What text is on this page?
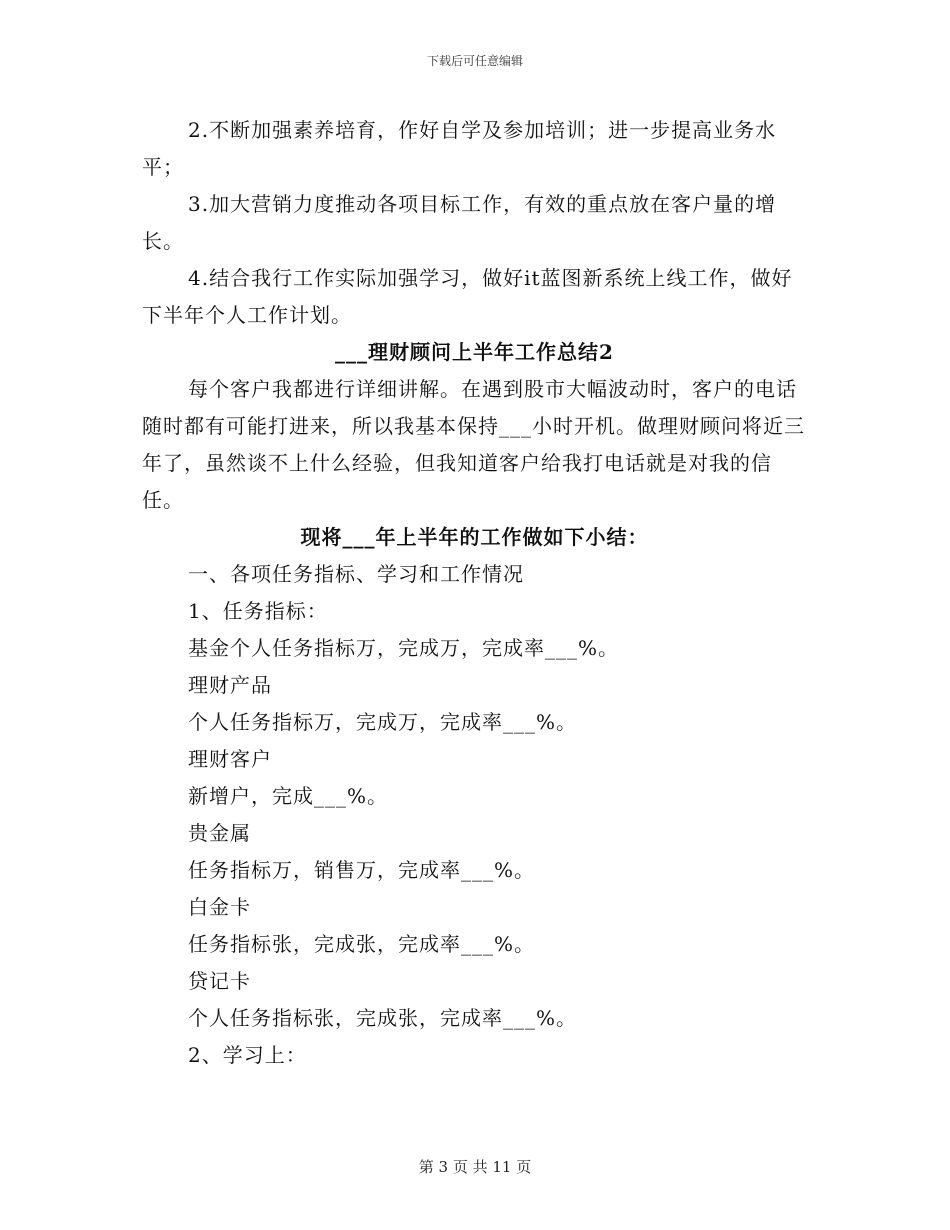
下载后可任意编辑

2.不断加强素养培育，作好自学及参加培训；进一步提高业务水平；

3.加大营销力度推动各项目标工作，有效的重点放在客户量的增长。

4.结合我行工作实际加强学习，做好it蓝图新系统上线工作，做好下半年个人工作计划。

___理财顾问上半年工作总结2

每个客户我都进行详细讲解。在遇到股市大幅波动时，客户的电话随时都有可能打进来，所以我基本保持___小时开机。做理财顾问将近三年了，虽然谈不上什么经验，但我知道客户给我打电话就是对我的信任。

现将___年上半年的工作做如下小结：

一、各项任务指标、学习和工作情况

1、任务指标：

基金个人任务指标万，完成万，完成率___%。

理财产品

个人任务指标万，完成万，完成率___%。

理财客户

新增户，完成___%。

贵金属

任务指标万，销售万，完成率___%。

白金卡

任务指标张，完成张，完成率___%。

贷记卡

个人任务指标张，完成张，完成率___%。

2、学习上：

第 3 页 共 11 页
